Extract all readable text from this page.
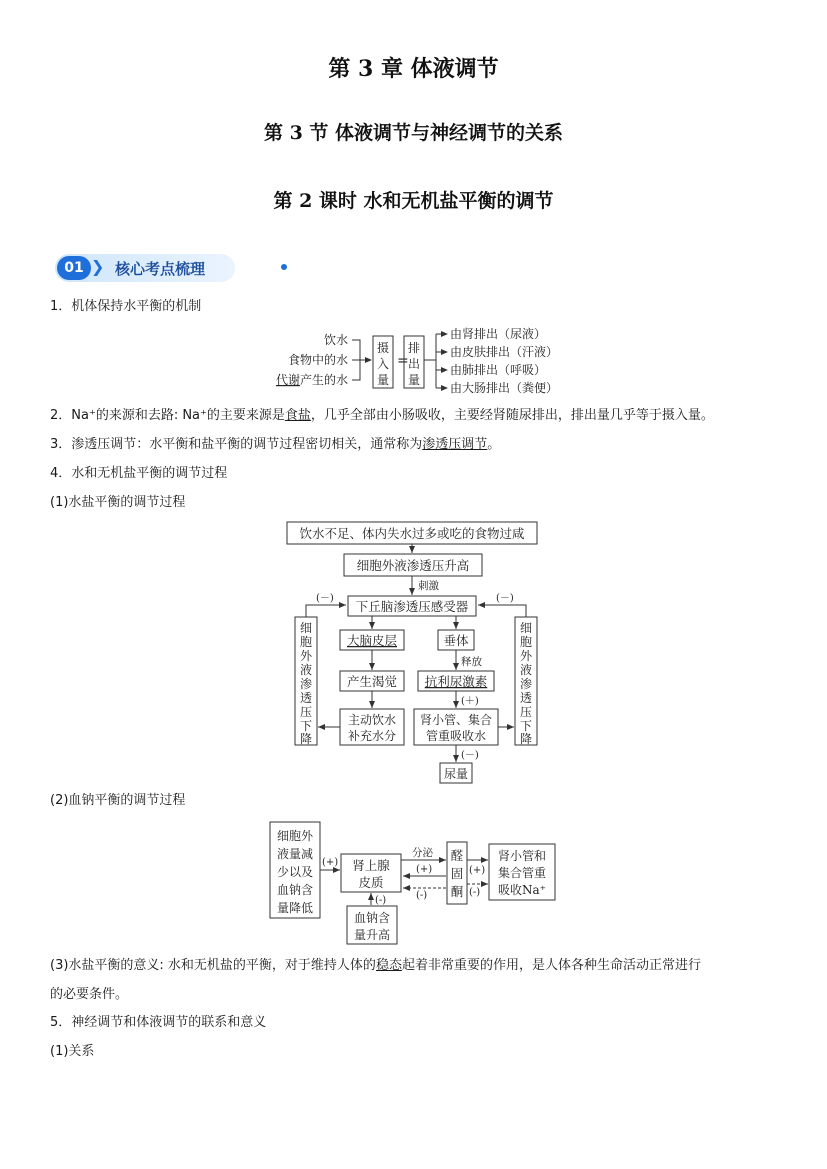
第 3 章 体液调节
第 3 节 体液调节与神经调节的关系
第 2 课时 水和无机盐平衡的调节
01 ❯ 核心考点梳理
1．机体保持水平衡的机制
饮水
食物中的水
代谢产生的水
摄
入
量
=
排
出
量
由肾排出（尿液）
由皮肤排出（汗液）
由肺排出（呼吸）
由大肠排出（粪便）
2．Na⁺的来源和去路: Na⁺的主要来源是食盐，几乎全部由小肠吸收，主要经肾随尿排出，排出量几乎等于摄入量。
3．渗透压调节：水平衡和盐平衡的调节过程密切相关，通常称为渗透压调节。
4．水和无机盐平衡的调节过程
(1)水盐平衡的调节过程
饮水不足、体内失水过多或吃的食物过咸
细胞外液渗透压升高
刺激
下丘脑渗透压感受器
(－)
细
胞
外
液
渗
透
压
下
降
(－)
细
胞
外
液
渗
透
压
下
降
大脑皮层	垂体
释放
产生渴觉 抗利尿激素
(＋)
主动饮水
补充水分
肾小管、集合
管重吸收水
(－)
尿量
(2)血钠平衡的调节过程
细胞外
液量减
少以及
血钠含
量降低
(+) 肾上腺
皮质
分泌
(+)
(-)
醛
固
酮
(+)
(-)
肾小管和
集合管重
吸收Na⁺
(-)
血钠含
量升高
(3)水盐平衡的意义: 水和无机盐的平衡，对于维持人体的稳态起着非常重要的作用，是人体各种生命活动正常进行
的必要条件。
5．神经调节和体液调节的联系和意义
(1)关系
